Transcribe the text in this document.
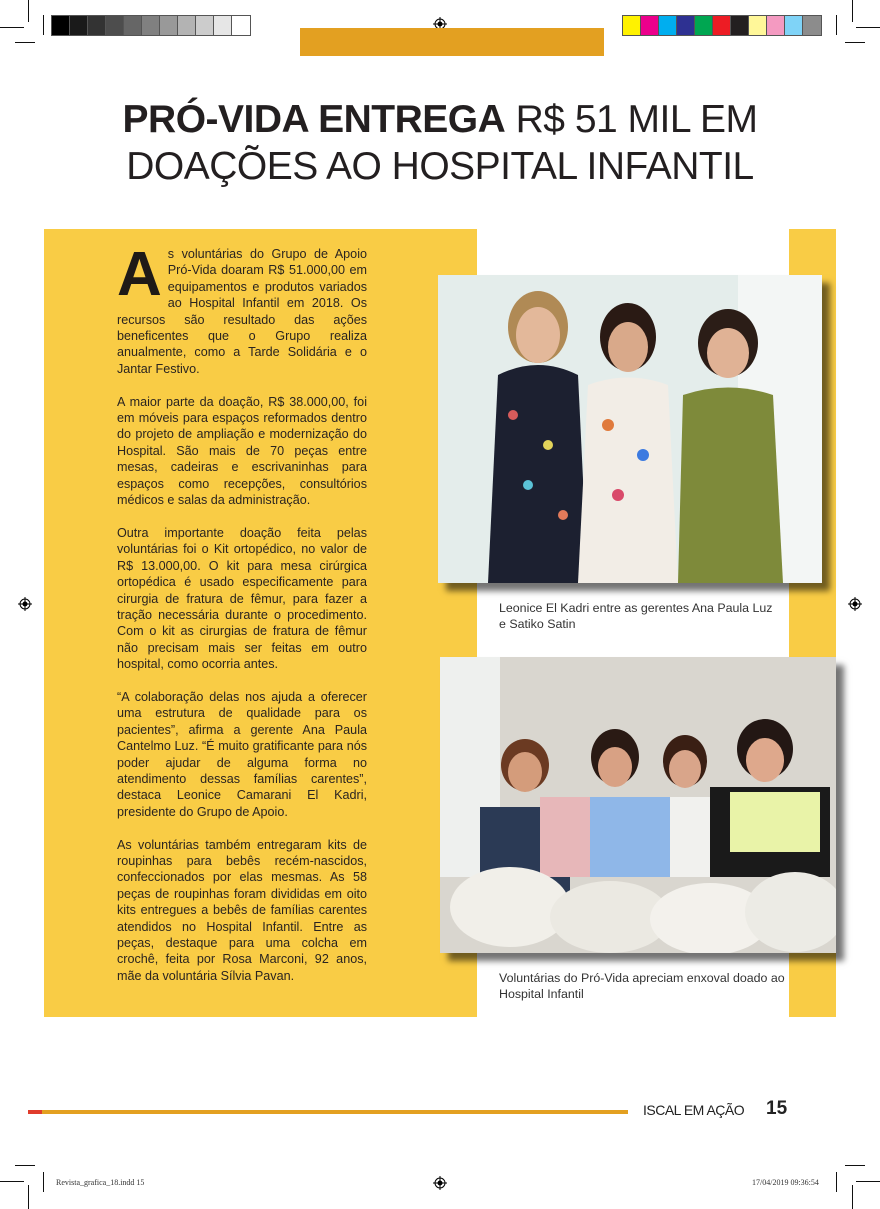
PRÓ-VIDA ENTREGA R$ 51 MIL EM
DOAÇÕES AO HOSPITAL INFANTIL

As voluntárias do Grupo de Apoio Pró-Vida doaram R$ 51.000,00 em equipamentos e produtos variados ao Hospital Infantil em 2018. Os recursos são resultado das ações beneficentes que o Grupo realiza anualmente, como a Tarde Solidária e o Jantar Festivo.

A maior parte da doação, R$ 38.000,00, foi em móveis para espaços reformados dentro do projeto de ampliação e modernização do Hospital. São mais de 70 peças entre mesas, cadeiras e escrivaninhas para espaços como recepções, consultórios médicos e salas da administração.

Outra importante doação feita pelas voluntárias foi o Kit ortopédico, no valor de R$ 13.000,00. O kit para mesa cirúrgica ortopédica é usado especificamente para cirurgia de fratura de fêmur, para fazer a tração necessária durante o procedimento. Com o kit as cirurgias de fratura de fêmur não precisam mais ser feitas em outro hospital, como ocorria antes.

“A colaboração delas nos ajuda a oferecer uma estrutura de qualidade para os pacientes”, afirma a gerente Ana Paula Cantelmo Luz. “É muito gratificante para nós poder ajudar de alguma forma no atendimento dessas famílias carentes”, destaca Leonice Camarani El Kadri, presidente do Grupo de Apoio.

As voluntárias também entregaram kits de roupinhas para bebês recém-nascidos, confeccionados por elas mesmas. As 58 peças de roupinhas foram divididas em oito kits entregues a bebês de famílias carentes atendidos no Hospital Infantil. Entre as peças, destaque para uma colcha em crochê, feita por Rosa Marconi, 92 anos, mãe da voluntária Sílvia Pavan.

Leonice El Kadri entre as gerentes Ana Paula Luz e Satiko Satin
Voluntárias do Pró-Vida apreciam enxoval doado ao Hospital Infantil
ISCAL EM AÇÃO 15
Revista_grafica_18.indd 15	17/04/2019 09:36:54
